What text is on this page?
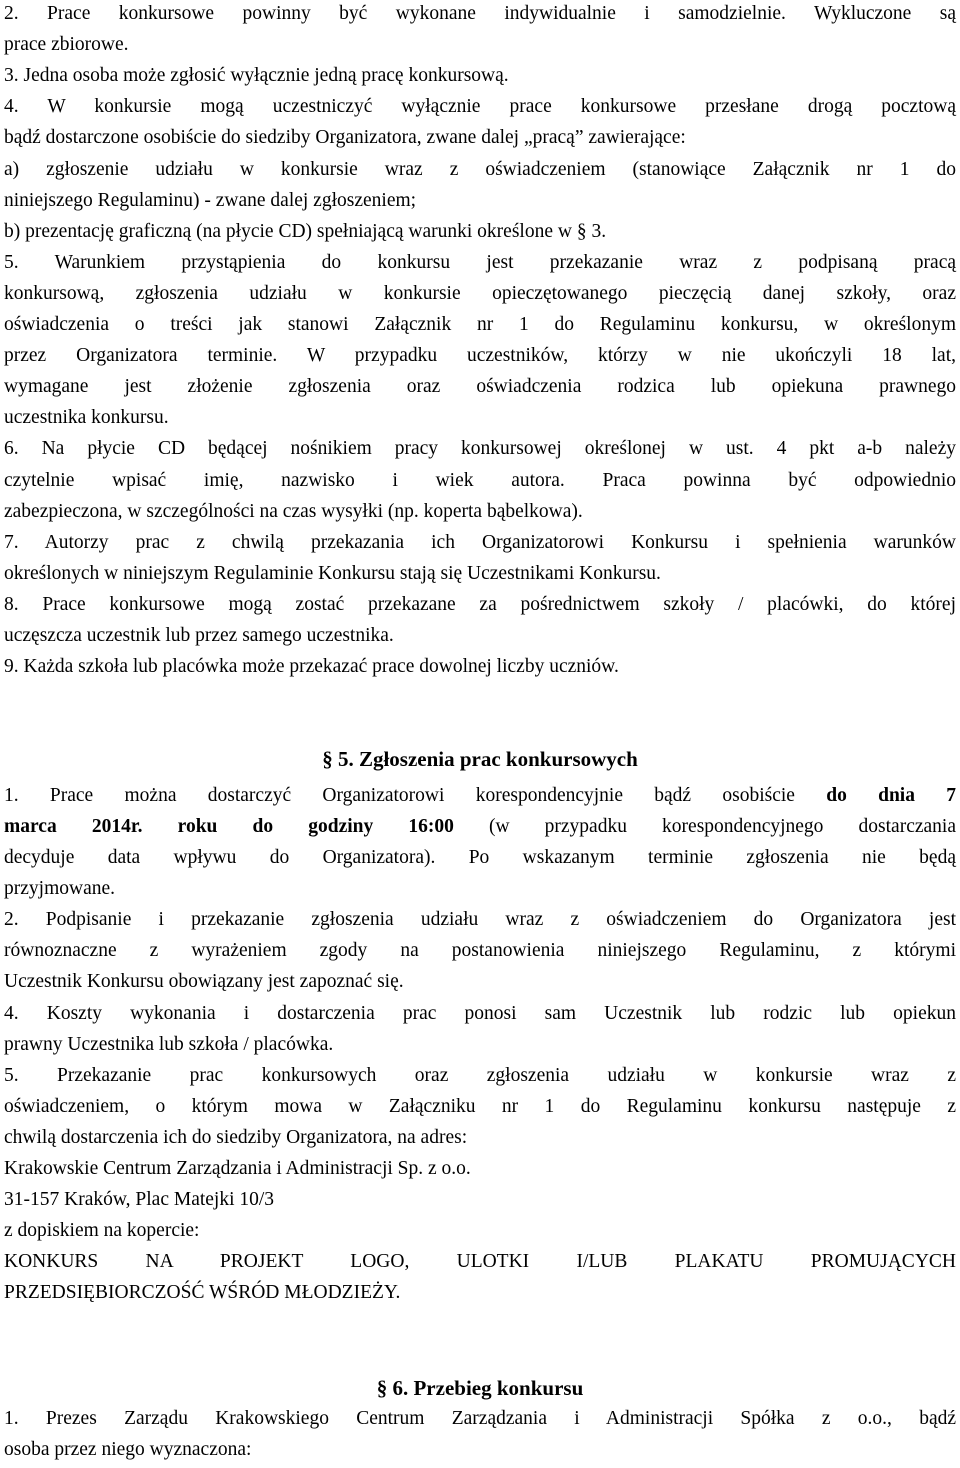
2. Prace konkursowe powinny być wykonane indywidualnie i samodzielnie. Wykluczone są
prace zbiorowe.
3. Jedna osoba może zgłosić wyłącznie jedną pracę konkursową.
4. W konkursie mogą uczestniczyć wyłącznie prace konkursowe przesłane drogą pocztową
bądź dostarczone osobiście do siedziby Organizatora, zwane dalej „pracą” zawierające:
a) zgłoszenie udziału w konkursie wraz z oświadczeniem (stanowiące Załącznik nr 1 do
niniejszego Regulaminu) - zwane dalej zgłoszeniem;
b) prezentację graficzną (na płycie CD) spełniającą warunki określone w § 3.
5. Warunkiem przystąpienia do konkursu jest przekazanie wraz z podpisaną pracą
konkursową, zgłoszenia udziału w konkursie opieczętowanego pieczęcią danej szkoły, oraz
oświadczenia o treści jak stanowi Załącznik nr 1 do Regulaminu konkursu, w określonym
przez Organizatora terminie. W przypadku uczestników, którzy w nie ukończyli 18 lat,
wymagane jest złożenie zgłoszenia oraz oświadczenia rodzica lub opiekuna prawnego
uczestnika konkursu.
6. Na płycie CD będącej nośnikiem pracy konkursowej określonej w ust. 4 pkt a-b należy
czytelnie wpisać imię, nazwisko i wiek autora. Praca powinna być odpowiednio
zabezpieczona, w szczególności na czas wysyłki (np. koperta bąbelkowa).
7. Autorzy prac z chwilą przekazania ich Organizatorowi Konkursu i spełnienia warunków
określonych w niniejszym Regulaminie Konkursu stają się Uczestnikami Konkursu.
8. Prace konkursowe mogą zostać przekazane za pośrednictwem szkoły / placówki, do której
uczęszcza uczestnik lub przez samego uczestnika.
9. Każda szkoła lub placówka może przekazać prace dowolnej liczby uczniów.
§ 5. Zgłoszenia prac konkursowych
1. Prace można dostarczyć Organizatorowi korespondencyjnie bądź osobiście do dnia 7
marca 2014r. roku do godziny 16:00 (w przypadku korespondencyjnego dostarczania
decyduje data wpływu do Organizatora). Po wskazanym terminie zgłoszenia nie będą
przyjmowane.
2. Podpisanie i przekazanie zgłoszenia udziału wraz z oświadczeniem do Organizatora jest
równoznaczne z wyrażeniem zgody na postanowienia niniejszego Regulaminu, z którymi
Uczestnik Konkursu obowiązany jest zapoznać się.
4. Koszty wykonania i dostarczenia prac ponosi sam Uczestnik lub rodzic lub opiekun
prawny Uczestnika lub szkoła / placówka.
5. Przekazanie prac konkursowych oraz zgłoszenia udziału w konkursie wraz z
oświadczeniem, o którym mowa w Załączniku nr 1 do Regulaminu konkursu następuje z
chwilą dostarczenia ich do siedziby Organizatora, na adres:
Krakowskie Centrum Zarządzania i Administracji Sp. z o.o.
31-157 Kraków, Plac Matejki 10/3
z dopiskiem na kopercie:
KONKURS NA PROJEKT LOGO, ULOTKI I/LUB PLAKATU PROMUJĄCYCH
PRZEDSIĘBIORCZOŚĆ WŚRÓD MŁODZIEŻY.
§ 6. Przebieg konkursu
1. Prezes Zarządu Krakowskiego Centrum Zarządzania i Administracji Spółka z o.o., bądź
osoba przez niego wyznaczona:
